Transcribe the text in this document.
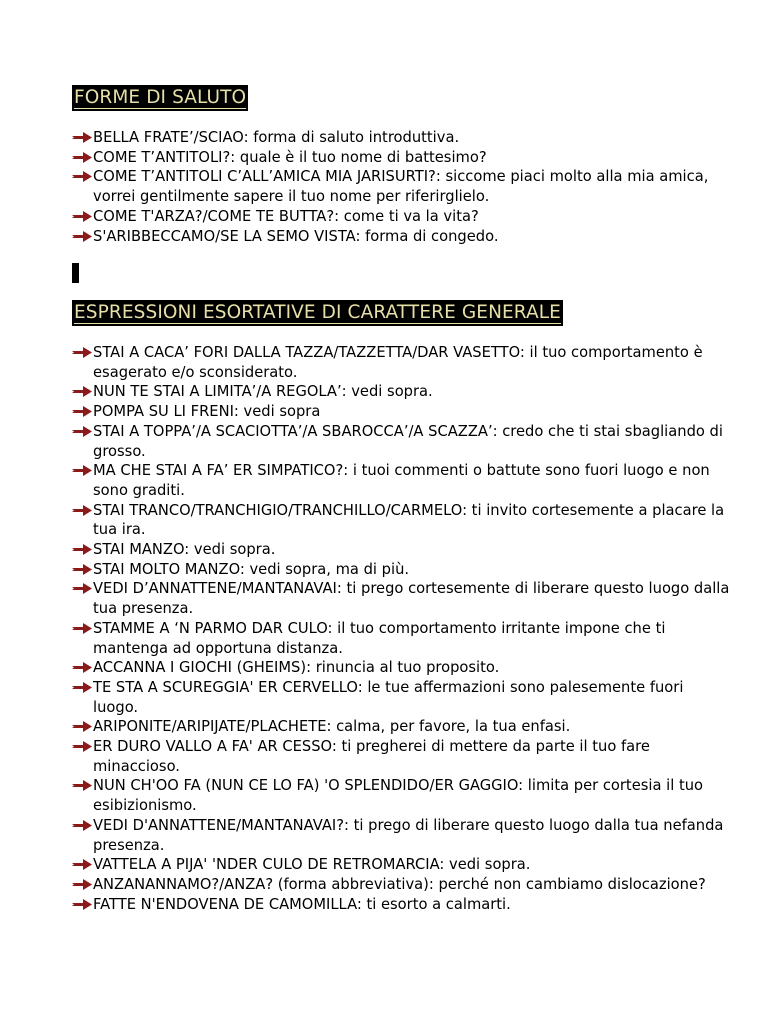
FORME DI SALUTO
BELLA FRATE’/SCIAO: forma di saluto introduttiva.
COME T’ANTITOLI?: quale è il tuo nome di battesimo?
COME T’ANTITOLI C’ALL’AMICA MIA JARISURTI?: siccome piaci molto alla mia amica, vorrei gentilmente sapere il tuo nome per riferirglielo.
COME T'ARZA?/COME TE BUTTA?: come ti va la vita?
S'ARIBBECCAMO/SE LA SEMO VISTA: forma di congedo.
ESPRESSIONI ESORTATIVE DI CARATTERE GENERALE
STAI A CACA’ FORI DALLA TAZZA/TAZZETTA/DAR VASETTO: il tuo comportamento è esagerato e/o sconsiderato.
NUN TE STAI A LIMITA’/A REGOLA’: vedi sopra.
POMPA SU LI FRENI: vedi sopra
STAI A TOPPA’/A SCACIOTTA’/A SBAROCCA’/A SCAZZA’: credo che ti stai sbagliando di grosso.
MA CHE STAI A FA’ ER SIMPATICO?: i tuoi commenti o battute sono fuori luogo e non sono graditi.
STAI TRANCO/TRANCHIGIO/TRANCHILLO/CARMELO: ti invito cortesemente a placare la tua ira.
STAI MANZO: vedi sopra.
STAI MOLTO MANZO: vedi sopra, ma di più.
VEDI D’ANNATTENE/MANTANAVAI: ti prego cortesemente di liberare questo luogo dalla tua presenza.
STAMME A ‘N PARMO DAR CULO: il tuo comportamento irritante impone che ti mantenga ad opportuna distanza.
ACCANNA I GIOCHI (GHEIMS): rinuncia al tuo proposito.
TE STA A SCUREGGIA' ER CERVELLO: le tue affermazioni sono palesemente fuori luogo.
ARIPONITE/ARIPIJATE/PLACHETE: calma, per favore, la tua enfasi.
ER DURO VALLO A FA' AR CESSO: ti pregherei di mettere da parte il tuo fare minaccioso.
NUN CH'OO FA (NUN CE LO FA) 'O SPLENDIDO/ER GAGGIO: limita per cortesia il tuo esibizionismo.
VEDI D'ANNATTENE/MANTANAVAI?: ti prego di liberare questo luogo dalla tua nefanda presenza.
VATTELA A PIJA' 'NDER CULO DE RETROMARCIA: vedi sopra.
ANZANANNAMO?/ANZA? (forma abbreviativa): perché non cambiamo dislocazione?
FATTE N'ENDOVENA DE CAMOMILLA: ti esorto a calmarti.
